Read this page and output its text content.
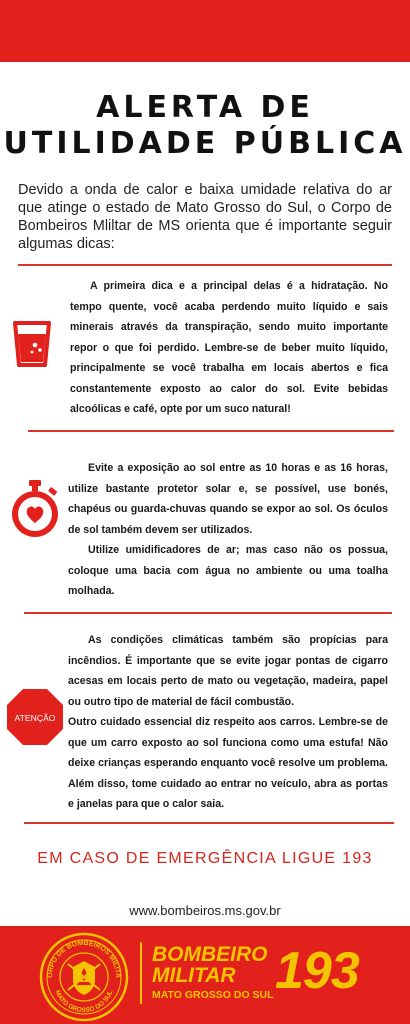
ALERTA DE
UTILIDADE PÚBLICA

Devido a onda de calor e baixa umidade relativa do ar que atinge o estado de Mato Grosso do Sul, o Corpo de Bombeiros Mliltar de MS orienta que é importante seguir algumas dicas:

A primeira dica e a principal delas é a hidratação. No tempo quente, você acaba perdendo muito líquido e sais minerais através da transpiração, sendo muito importante repor o que foi perdido. Lembre-se de beber muito líquido, principalmente se você trabalha em locais abertos e fica constantemente exposto ao calor do sol. Evite bebidas alcoólicas e café, opte por um suco natural!

Evite a exposição ao sol entre as 10 horas e as 16 horas, utilize bastante protetor solar e, se possível, use bonés, chapéus ou guarda-chuvas quando se expor ao sol. Os óculos de sol também devem ser utilizados.

Utilize umidificadores de ar; mas caso não os possua, coloque uma bacia com água no ambiente ou uma toalha molhada.

ATENÇÃO

As condições climáticas também são propícias para incêndios. É importante que se evite jogar pontas de cigarro acesas em locais perto de mato ou vegetação, madeira, papel ou outro tipo de material de fácil combustão.

Outro cuidado essencial diz respeito aos carros. Lembre-se de que um carro exposto ao sol funciona como uma estufa! Não deixe crianças esperando enquanto você resolve um problema. Além disso, tome cuidado ao entrar no veículo, abra as portas e janelas para que o calor saia.

EM CASO DE EMERGÊNCIA LIGUE 193
www.bombeiros.ms.gov.br
ORPO DE BOMBEIROS MILITA
MATO GROSSO DO SUL
BOMBEIRO
MILITAR
MATO GROSSO DO SUL 193
